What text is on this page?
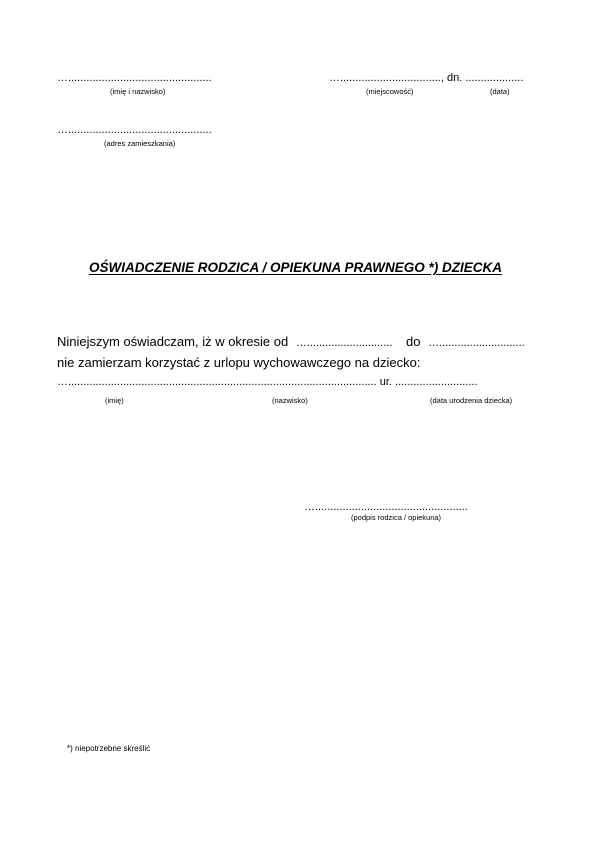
…...............................................
(imię i nazwisko)
…................................., dn. ...................
(miejscowość)	(data)
…...............................................
(adres zamieszkania)
OŚWIADCZENIE RODZICA / OPIEKUNA PRAWNEGO *) DZIECKA
Niniejszym oświadczam, iż w okresie od …............................ do …............................
nie zamierzam korzystać z urlopu wychowawczego na dziecko:
…..................................................................................................... ur. ...........................
(imię)	(nazwisko)	(data urodzenia dziecka)
…..................................................
(podpis rodzica / opiekuna)
*) niepotrzebne skreślić
